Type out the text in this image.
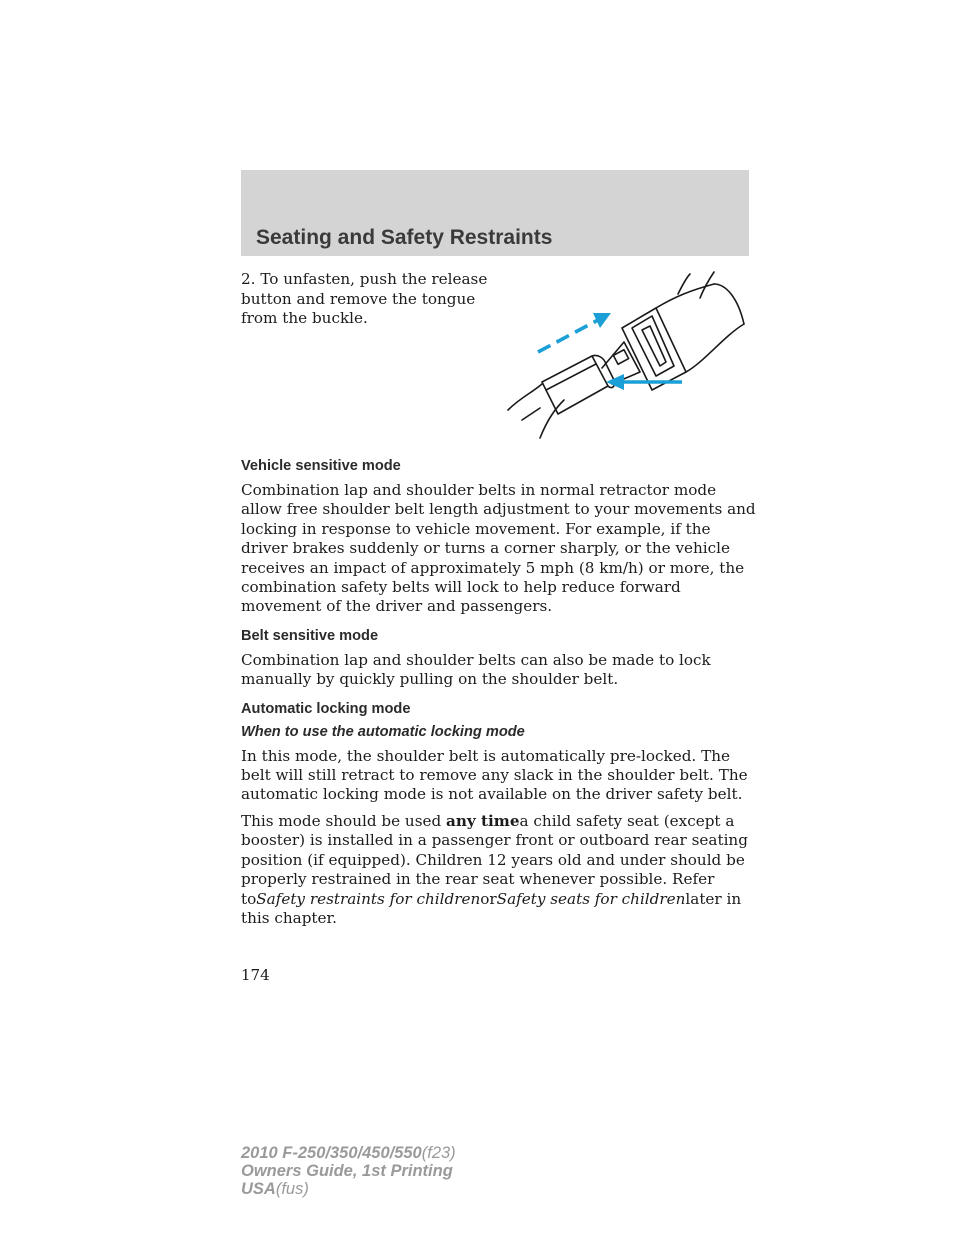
Seating and Safety Restraints

2. To unfasten, push the release button and remove the tongue from the buckle.

Vehicle sensitive mode

Combination lap and shoulder belts in normal retractor mode allow free shoulder belt length adjustment to your movements and locking in response to vehicle movement. For example, if the driver brakes suddenly or turns a corner sharply, or the vehicle receives an impact of approximately 5 mph (8 km/h) or more, the combination safety belts will lock to help reduce forward movement of the driver and passengers.

Belt sensitive mode

Combination lap and shoulder belts can also be made to lock manually by quickly pulling on the shoulder belt.

Automatic locking mode
When to use the automatic locking mode

In this mode, the shoulder belt is automatically pre-locked. The belt will still retract to remove any slack in the shoulder belt. The automatic locking mode is not available on the driver safety belt.

This mode should be used any timea child safety seat (except a booster) is installed in a passenger front or outboard rear seating position (if equipped). Children 12 years old and under should be properly restrained in the rear seat whenever possible. Refer toSafety restraints for childrenorSafety seats for childrenlater in this chapter.

174

2010 F-250/350/450/550(f23)
Owners Guide, 1st Printing
USA(fus)
